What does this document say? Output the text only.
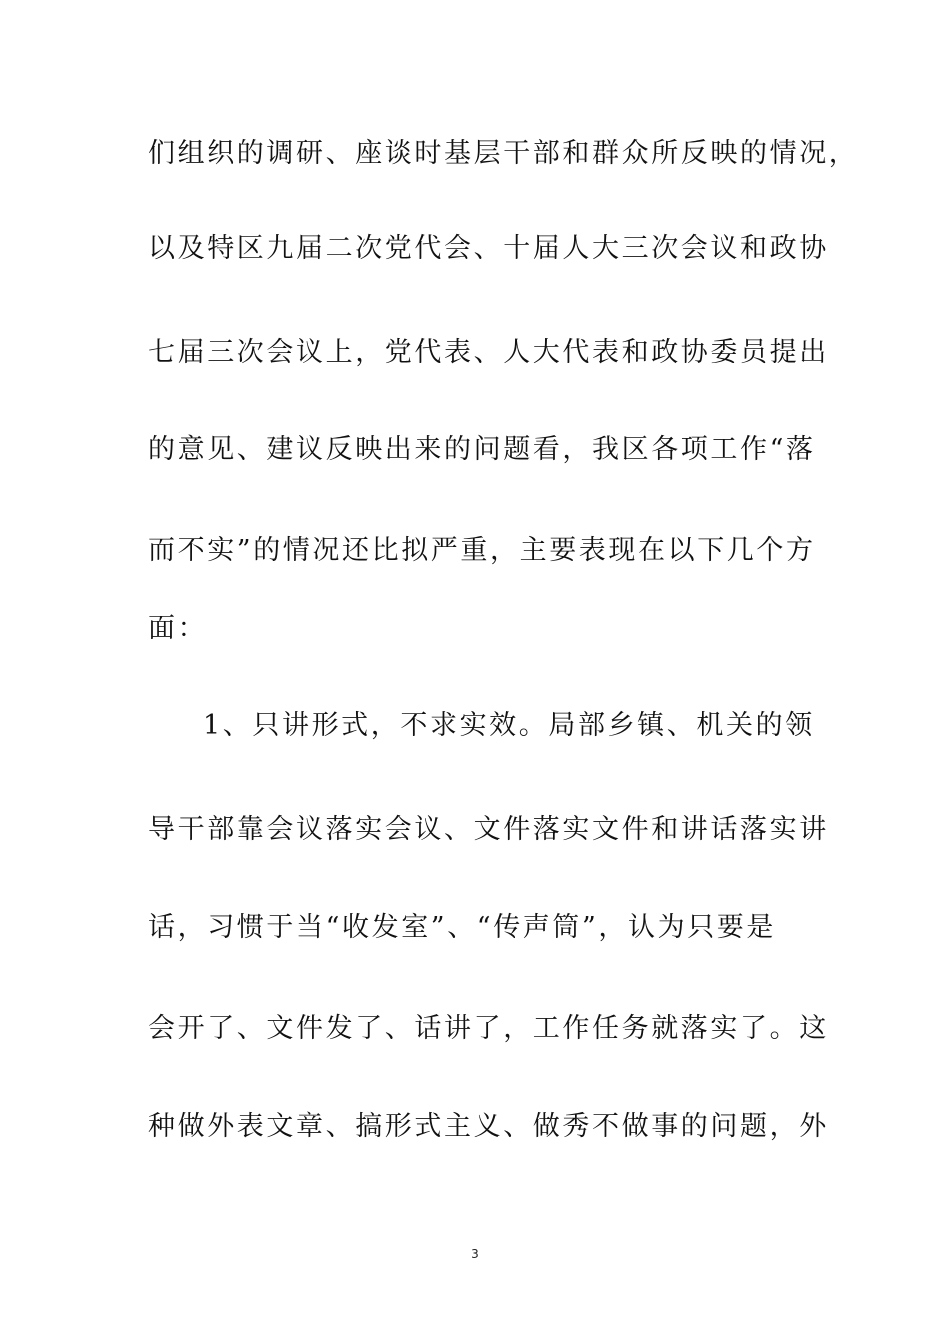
们组织的调研、座谈时基层干部和群众所反映的情况，
以及特区九届二次党代会、十届人大三次会议和政协
七届三次会议上，党代表、人大代表和政协委员提出
的意见、建议反映出来的问题看，我区各项工作“落
而不实”的情况还比拟严重，主要表现在以下几个方
面：
1、只讲形式，不求实效。局部乡镇、机关的领
导干部靠会议落实会议、文件落实文件和讲话落实讲
话，习惯于当“收发室”、“传声筒”，认为只要是
会开了、文件发了、话讲了，工作任务就落实了。这
种做外表文章、搞形式主义、做秀不做事的问题，外
3
